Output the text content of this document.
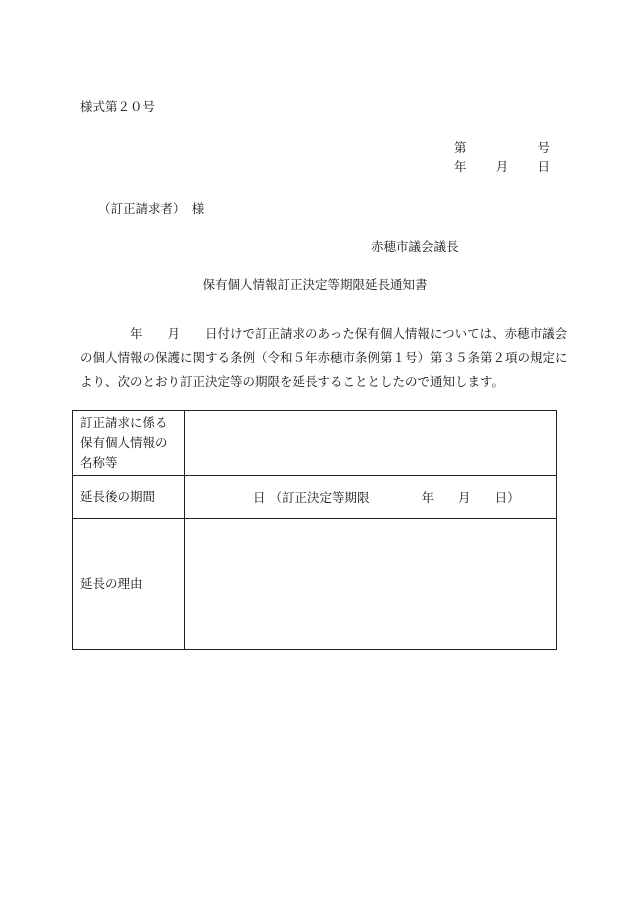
様式第２０号
第	号
年 月 日
（訂正請求者）　様
赤穂市議会議長
保有個人情報訂正決定等期限延長通知書
　　　　年　　月　　日付けで訂正請求のあった保有個人情報については、赤穂市議会
の個人情報の保護に関する条例（令和５年赤穂市条例第１号）第３５条第２項の規定に
より、次のとおり訂正決定等の期限を延長することとしたので通知します。
訂正請求に係る
保有個人情報の
名称等	

延長後の期間	日 （訂正決定等期限 年 月 日）

延長の理由	
